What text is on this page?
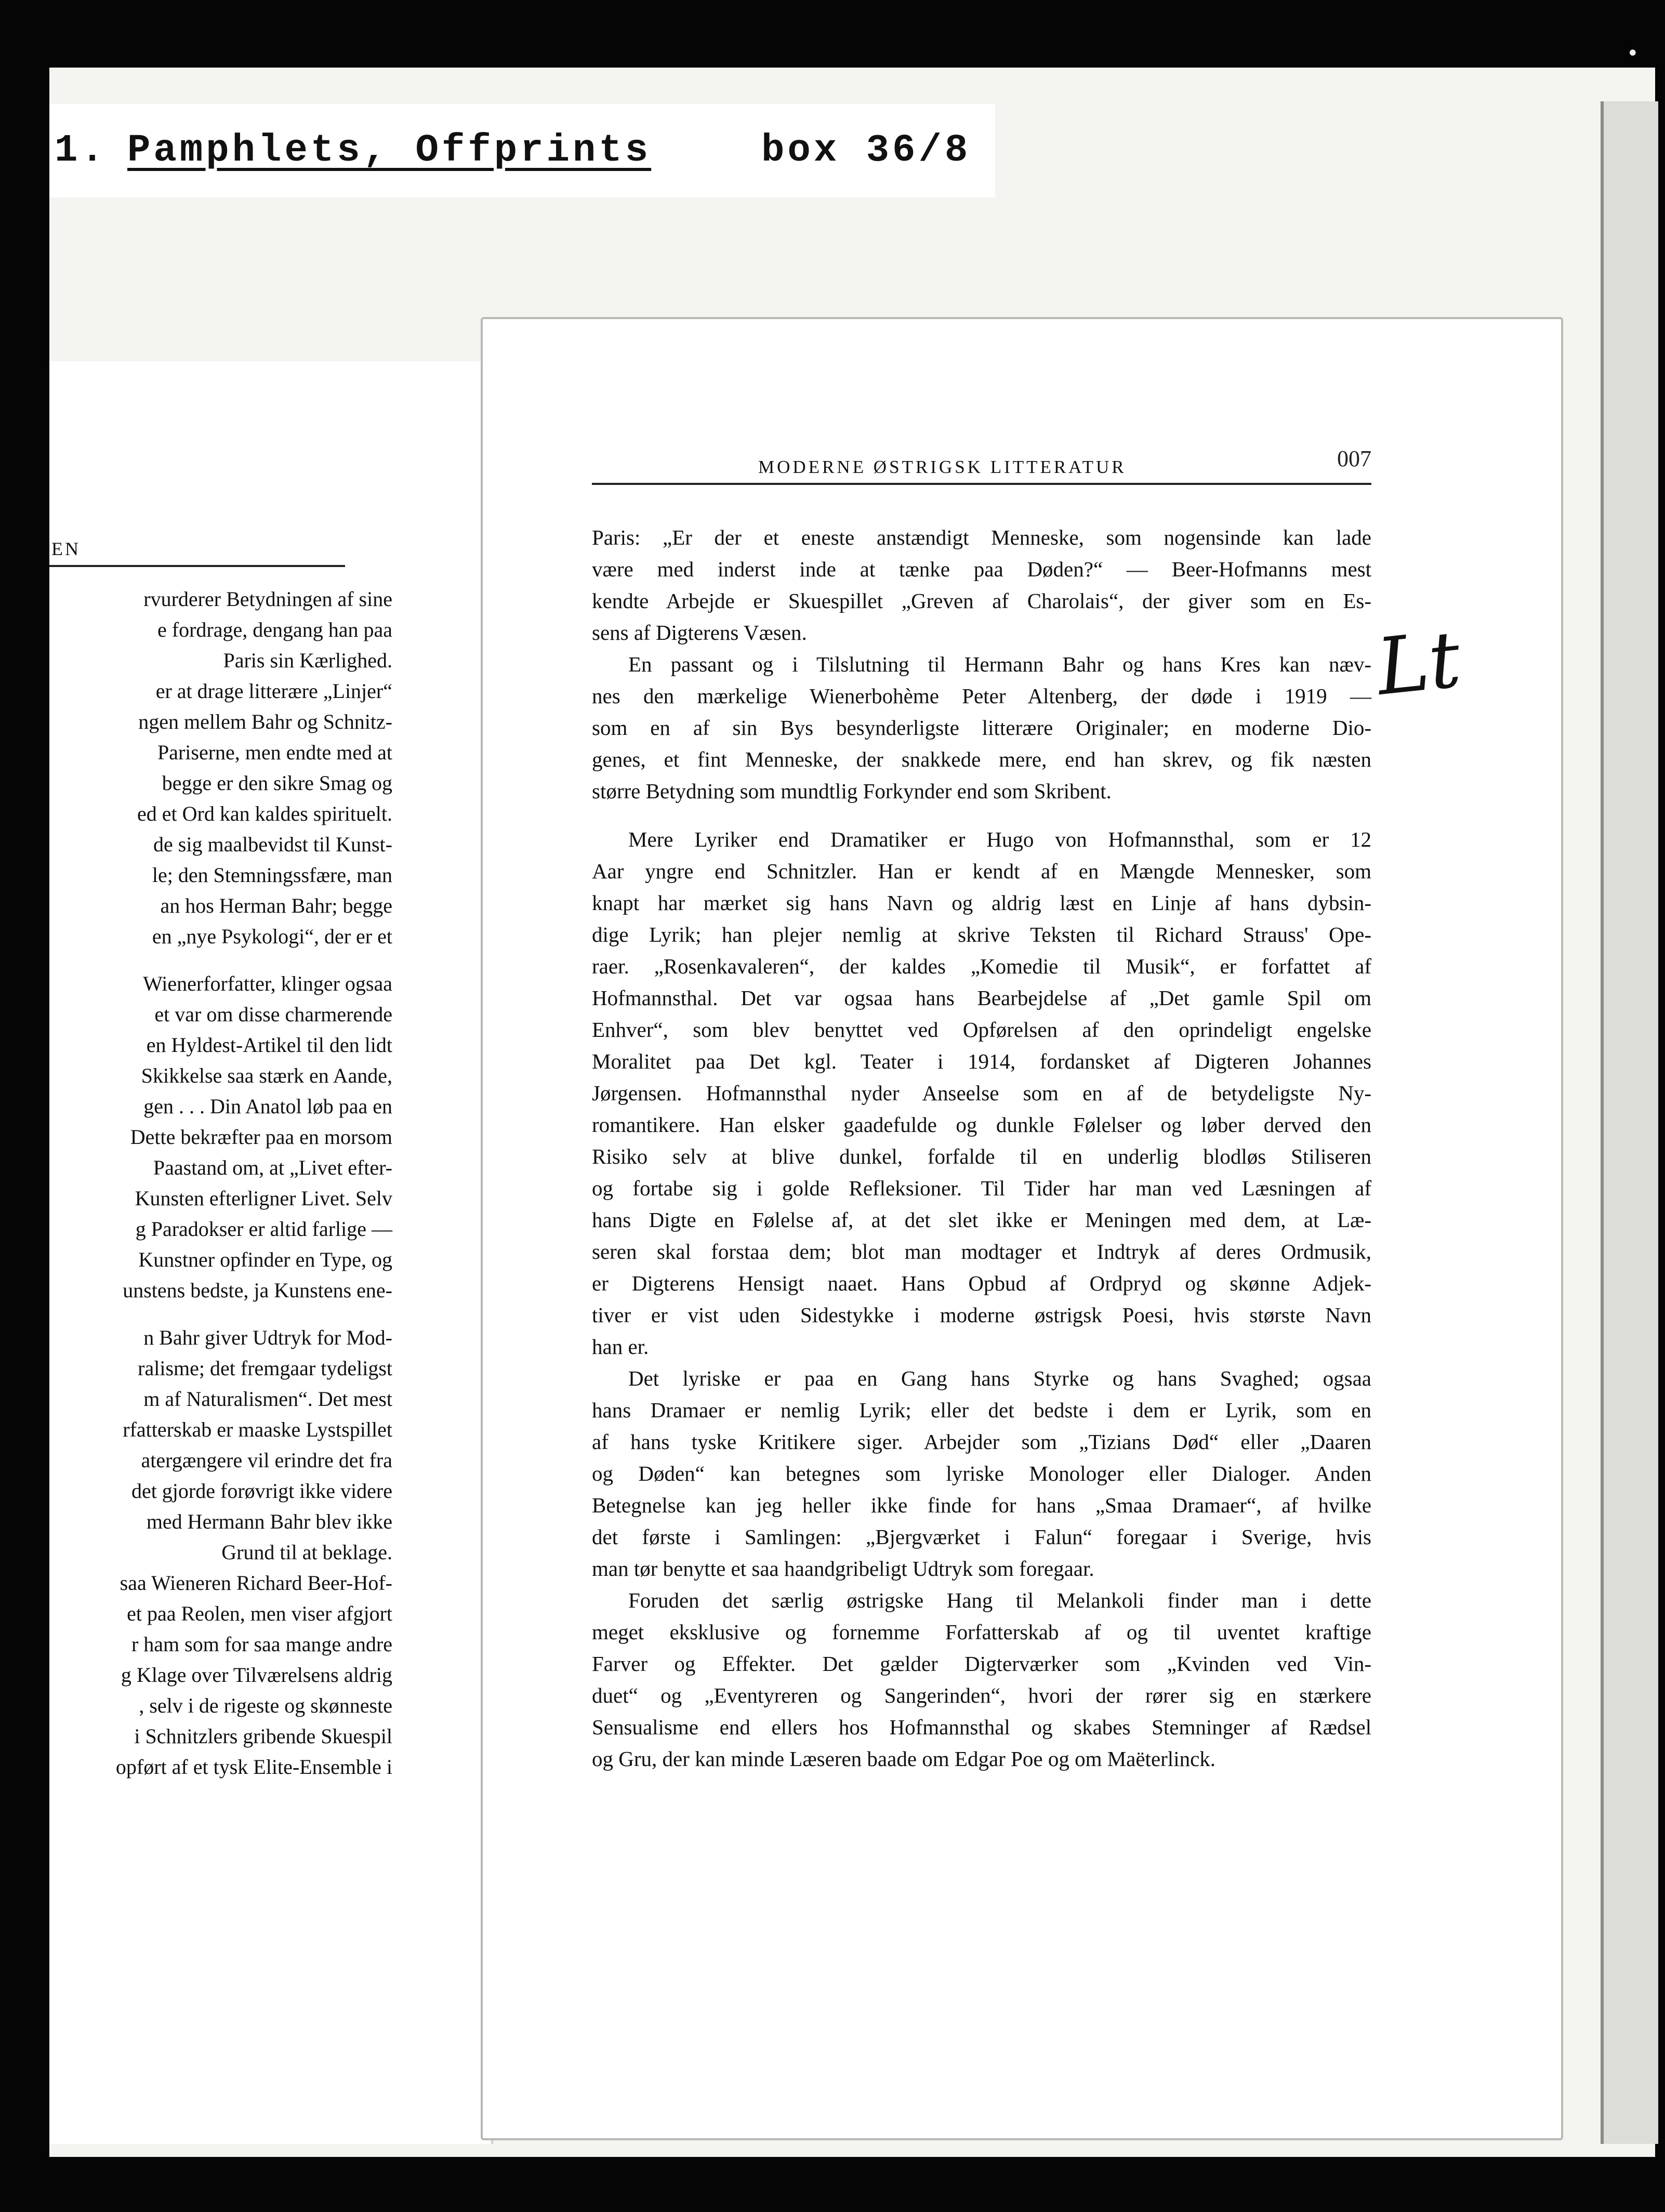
1. Pamphlets, Offprints	box 36/8
EN
rvurderer Betydningen af sine
e fordrage, dengang han paa
Paris sin Kærlighed.
er at drage litterære „Linjer“
ngen mellem Bahr og Schnitz-
Pariserne, men endte med at
begge er den sikre Smag og
ed et Ord kan kaldes spirituelt.
de sig maalbevidst til Kunst-
le; den Stemningssfære, man
an hos Herman Bahr; begge
en „nye Psykologi“, der er et
Wienerforfatter, klinger ogsaa
et var om disse charmerende
en Hyldest-Artikel til den lidt
Skikkelse saa stærk en Aande,
gen . . . Din Anatol løb paa en
Dette bekræfter paa en morsom
Paastand om, at „Livet efter-
Kunsten efterligner Livet. Selv
g Paradokser er altid farlige —
Kunstner opfinder en Type, og
unstens bedste, ja Kunstens ene-
n Bahr giver Udtryk for Mod-
ralisme; det fremgaar tydeligst
m af Naturalismen“. Det mest
rfatterskab er maaske Lystspillet
atergængere vil erindre det fra
det gjorde forøvrigt ikke videre
med Hermann Bahr blev ikke
Grund til at beklage.
saa Wieneren Richard Beer-Hof-
et paa Reolen, men viser afgjort
r ham som for saa mange andre
g Klage over Tilværelsens aldrig
, selv i de rigeste og skønneste
i Schnitzlers gribende Skuespil
opført af et tysk Elite-Ensemble i
MODERNE ØSTRIGSK LITTERATUR	007
Paris: „Er der et eneste anstændigt Menneske, som nogensinde kan lade
være med inderst inde at tænke paa Døden?“ — Beer-Hofmanns mest
kendte Arbejde er Skuespillet „Greven af Charolais“, der giver som en Es-
sens af Digterens Væsen.
En passant og i Tilslutning til Hermann Bahr og hans Kres kan næv-
nes den mærkelige Wienerbohème Peter Altenberg, der døde i 1919 —
som en af sin Bys besynderligste litterære Originaler; en moderne Dio-
genes, et fint Menneske, der snakkede mere, end han skrev, og fik næsten
større Betydning som mundtlig Forkynder end som Skribent.
Mere Lyriker end Dramatiker er Hugo von Hofmannsthal, som er 12
Aar yngre end Schnitzler. Han er kendt af en Mængde Mennesker, som
knapt har mærket sig hans Navn og aldrig læst en Linje af hans dybsin-
dige Lyrik; han plejer nemlig at skrive Teksten til Richard Strauss' Ope-
raer. „Rosenkavaleren“, der kaldes „Komedie til Musik“, er forfattet af
Hofmannsthal. Det var ogsaa hans Bearbejdelse af „Det gamle Spil om
Enhver“, som blev benyttet ved Opførelsen af den oprindeligt engelske
Moralitet paa Det kgl. Teater i 1914, fordansket af Digteren Johannes
Jørgensen. Hofmannsthal nyder Anseelse som en af de betydeligste Ny-
romantikere. Han elsker gaadefulde og dunkle Følelser og løber derved den
Risiko selv at blive dunkel, forfalde til en underlig blodløs Stiliseren
og fortabe sig i golde Refleksioner. Til Tider har man ved Læsningen af
hans Digte en Følelse af, at det slet ikke er Meningen med dem, at Læ-
seren skal forstaa dem; blot man modtager et Indtryk af deres Ordmusik,
er Digterens Hensigt naaet. Hans Opbud af Ordpryd og skønne Adjek-
tiver er vist uden Sidestykke i moderne østrigsk Poesi, hvis største Navn
han er.
Det lyriske er paa en Gang hans Styrke og hans Svaghed; ogsaa
hans Dramaer er nemlig Lyrik; eller det bedste i dem er Lyrik, som en
af hans tyske Kritikere siger. Arbejder som „Tizians Død“ eller „Daaren
og Døden“ kan betegnes som lyriske Monologer eller Dialoger. Anden
Betegnelse kan jeg heller ikke finde for hans „Smaa Dramaer“, af hvilke
det første i Samlingen: „Bjergværket i Falun“ foregaar i Sverige, hvis
man tør benytte et saa haandgribeligt Udtryk som foregaar.
Foruden det særlig østrigske Hang til Melankoli finder man i dette
meget eksklusive og fornemme Forfatterskab af og til uventet kraftige
Farver og Effekter. Det gælder Digterværker som „Kvinden ved Vin-
duet“ og „Eventyreren og Sangerinden“, hvori der rører sig en stærkere
Sensualisme end ellers hos Hofmannsthal og skabes Stemninger af Rædsel
og Gru, der kan minde Læseren baade om Edgar Poe og om Maëterlinck.
Lt
•
